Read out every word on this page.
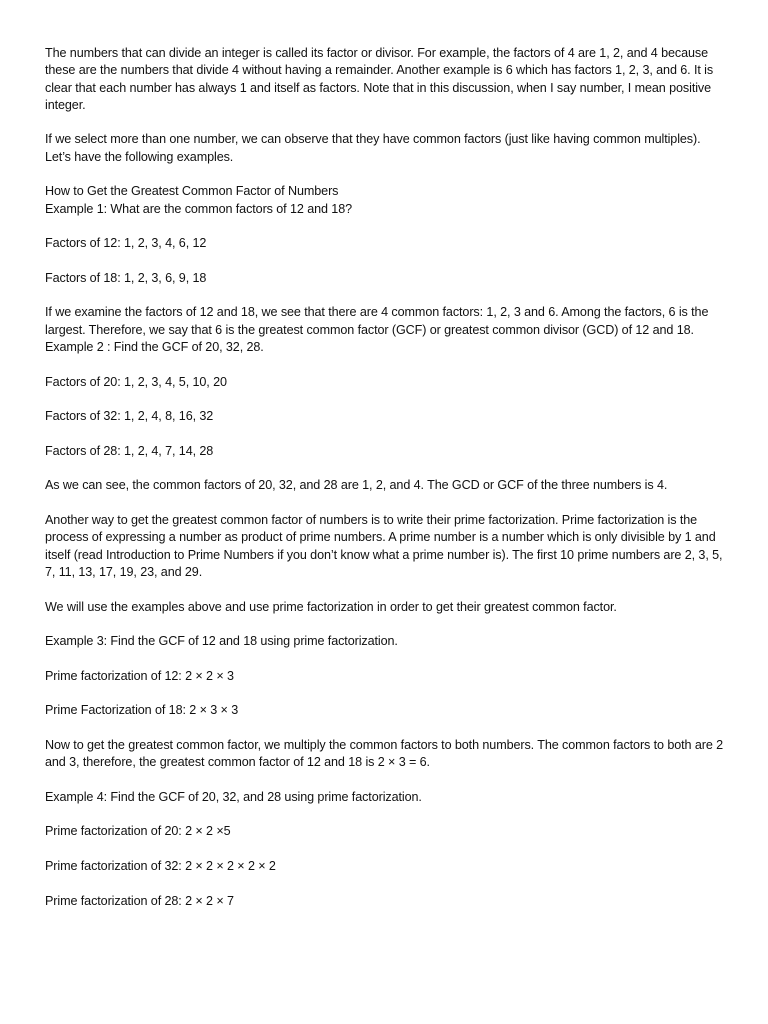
The numbers that can divide an integer is called its factor or divisor. For example, the factors of 4 are 1, 2, and 4 because these are the numbers that divide 4 without having a remainder. Another example is 6 which has factors 1, 2, 3, and 6. It is clear that each number has always 1 and itself as factors. Note that in this discussion, when I say number, I mean positive integer.

If we select more than one number, we can observe that they have common factors (just like having common multiples). Let’s have the following examples.

How to Get the Greatest Common Factor of Numbers

Example 1: What are the common factors of 12 and 18?

Factors of 12: 1, 2, 3, 4, 6, 12

Factors of 18: 1, 2, 3, 6, 9, 18

If we examine the factors of 12 and 18, we see that there are 4 common factors: 1, 2, 3 and 6. Among the factors, 6 is the largest. Therefore, we say that 6 is the greatest common factor (GCF) or greatest common divisor (GCD) of 12 and 18.

Example 2 : Find the GCF of 20, 32, 28.

Factors of 20: 1, 2, 3, 4, 5, 10, 20

Factors of 32: 1, 2, 4, 8, 16, 32

Factors of 28: 1, 2, 4, 7, 14, 28

As we can see, the common factors of 20, 32, and 28 are 1, 2, and 4. The GCD or GCF of the three numbers is 4.

Another way to get the greatest common factor of numbers is to write their prime factorization. Prime factorization is the process of expressing a number as product of prime numbers. A prime number is a number which is only divisible by 1 and itself (read Introduction to Prime Numbers if you don’t know what a prime number is). The first 10 prime numbers are 2, 3, 5, 7, 11, 13, 17, 19, 23, and 29.

We will use the examples above and use prime factorization in order to get their greatest common factor.

Example 3: Find the GCF of 12 and 18 using prime factorization.

Prime factorization of 12: 2 × 2 × 3

Prime Factorization of 18: 2 × 3 × 3

Now to get the greatest common factor, we multiply the common factors to both numbers. The common factors to both are 2 and 3, therefore, the greatest common factor of 12 and 18 is 2 × 3 = 6.

Example 4: Find the GCF of 20, 32, and 28 using prime factorization.

Prime factorization of 20: 2 × 2 ×5

Prime factorization of 32: 2 × 2 × 2 × 2 × 2

Prime factorization of 28: 2 × 2 × 7
